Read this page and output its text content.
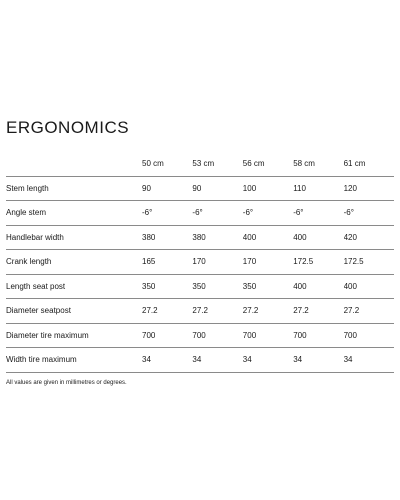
ERGONOMICS
	50 cm	53 cm	56 cm	58 cm	61 cm
Stem length	90	90	100	110	120
Angle stem	-6°	-6°	-6°	-6°	-6°
Handlebar width	380	380	400	400	420
Crank length	165	170	170	172.5	172.5
Length seat post	350	350	350	400	400
Diameter seatpost	27.2	27.2	27.2	27.2	27.2
Diameter tire maximum	700	700	700	700	700
Width tire maximum	34	34	34	34	34
All values are given in millimetres or degrees.
